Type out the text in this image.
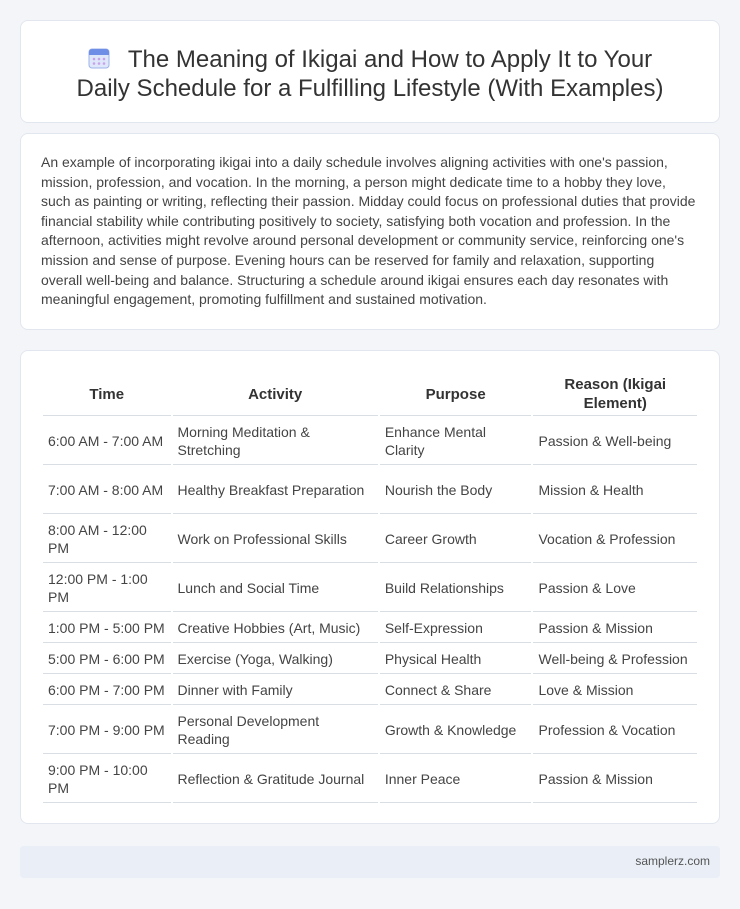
The Meaning of Ikigai and How to Apply It to Your Daily Schedule for a Fulfilling Lifestyle (With Examples)

An example of incorporating ikigai into a daily schedule involves aligning activities with one's passion, mission, profession, and vocation. In the morning, a person might dedicate time to a hobby they love, such as painting or writing, reflecting their passion. Midday could focus on professional duties that provide financial stability while contributing positively to society, satisfying both vocation and profession. In the afternoon, activities might revolve around personal development or community service, reinforcing one's mission and sense of purpose. Evening hours can be reserved for family and relaxation, supporting overall well-being and balance. Structuring a schedule around ikigai ensures each day resonates with meaningful engagement, promoting fulfillment and sustained motivation.

Time	Activity	Purpose	Reason (Ikigai Element)
6:00 AM - 7:00 AM	Morning Meditation & Stretching	Enhance Mental Clarity	Passion & Well-being
7:00 AM - 8:00 AM	Healthy Breakfast Preparation	Nourish the Body	Mission & Health
8:00 AM - 12:00 PM	Work on Professional Skills	Career Growth	Vocation & Profession
12:00 PM - 1:00 PM	Lunch and Social Time	Build Relationships	Passion & Love
1:00 PM - 5:00 PM	Creative Hobbies (Art, Music)	Self-Expression	Passion & Mission
5:00 PM - 6:00 PM	Exercise (Yoga, Walking)	Physical Health	Well-being & Profession
6:00 PM - 7:00 PM	Dinner with Family	Connect & Share	Love & Mission
7:00 PM - 9:00 PM	Personal Development Reading	Growth & Knowledge	Profession & Vocation
9:00 PM - 10:00 PM	Reflection & Gratitude Journal	Inner Peace	Passion & Mission
samplerz.com
